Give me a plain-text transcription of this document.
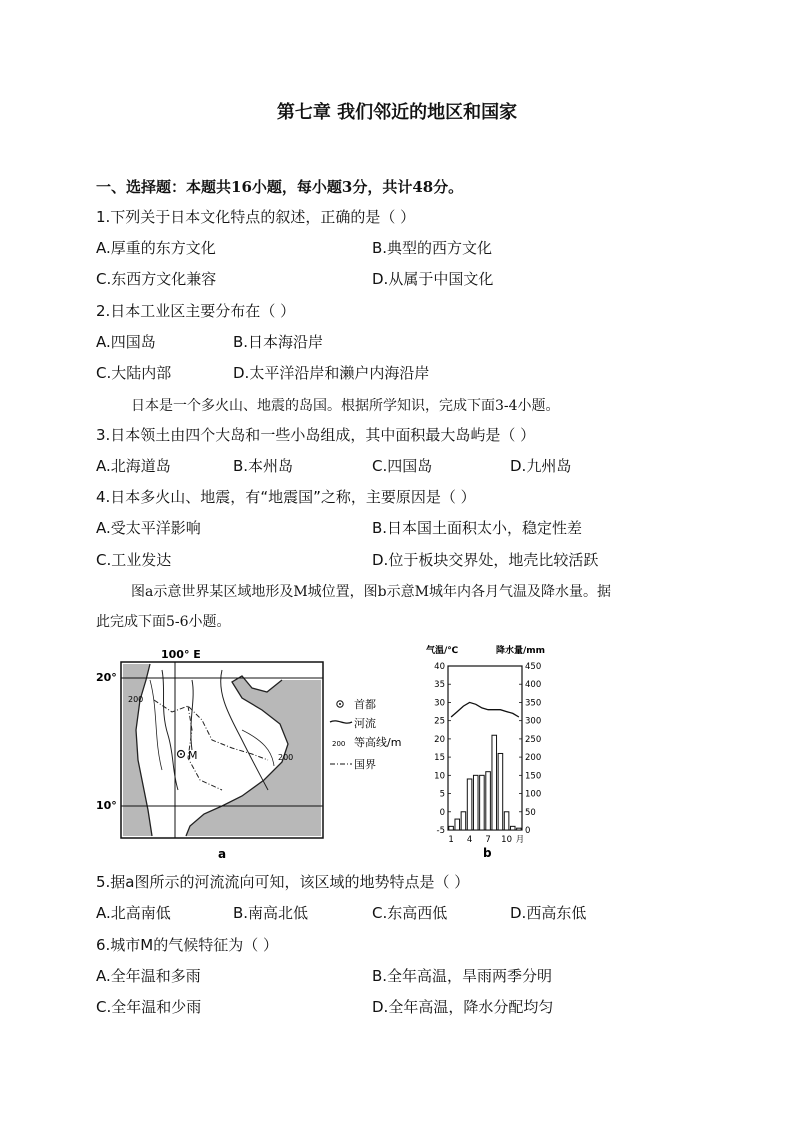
第七章 我们邻近的地区和国家
一、选择题：本题共16小题，每小题3分，共计48分。
1.下列关于日本文化特点的叙述，正确的是（ ）
A.厚重的东方文化	B.典型的西方文化
C.东西方文化兼容	D.从属于中国文化
2.日本工业区主要分布在（ ）
A.四国岛	B.日本海沿岸
C.大陆内部	D.太平洋沿岸和濑户内海沿岸
日本是一个多火山、地震的岛国。根据所学知识，完成下面3-4小题。
3.日本领土由四个大岛和一些小岛组成，其中面积最大岛屿是（ ）
A.北海道岛	B.本州岛	C.四国岛	D.九州岛
4.日本多火山、地震，有“地震国”之称，主要原因是（ ）
A.受太平洋影响	B.日本国土面积太小，稳定性差
C.工业发达	D.位于板块交界处，地壳比较活跃
图a示意世界某区域地形及M城位置，图b示意M城年内各月气温及降水量。据
此完成下面5-6小题。
M
100° E
20°
10°
200
200
a
首都
河流
200 等高线/m
国界
气温/℃	降水量/mm
40
35
30
25
20
15
10
5
0
-5
450
400
350
300
250
200
150
100
50
0
1 4 7 10 月
b
5.据a图所示的河流流向可知，该区域的地势特点是（ ）
A.北高南低	B.南高北低	C.东高西低	D.西高东低
6.城市M的气候特征为（ ）
A.全年温和多雨	B.全年高温，旱雨两季分明
C.全年温和少雨	D.全年高温，降水分配均匀
